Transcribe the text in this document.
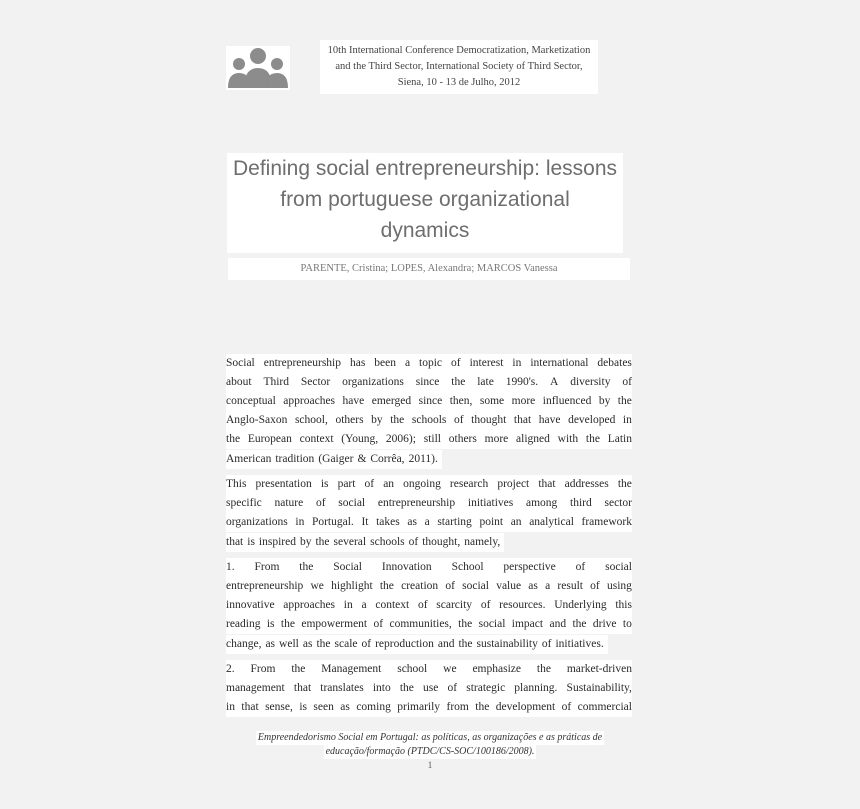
10th International Conference Democratization, Marketization
and the Third Sector, International Society of Third Sector,
Siena, 10 - 13 de Julho, 2012
Defining social entrepreneurship: lessons
from portuguese organizational
dynamics
PARENTE, Cristina; LOPES, Alexandra; MARCOS Vanessa
Social entrepreneurship has been a topic of interest in international debates
about Third Sector organizations since the late 1990's. A diversity of
conceptual approaches have emerged since then, some more influenced by the
Anglo-Saxon school, others by the schools of thought that have developed in
the European context (Young, 2006); still others more aligned with the Latin
American tradition (Gaiger & Corrêa, 2011).
This presentation is part of an ongoing research project that addresses the
specific nature of social entrepreneurship initiatives among third sector
organizations in Portugal. It takes as a starting point an analytical framework
that is inspired by the several schools of thought, namely,
1. From the Social Innovation School perspective of social
entrepreneurship we highlight the creation of social value as a result of using
innovative approaches in a context of scarcity of resources. Underlying this
reading is the empowerment of communities, the social impact and the drive to
change, as well as the scale of reproduction and the sustainability of initiatives.
2. From the Management school we emphasize the market-driven
management that translates into the use of strategic planning. Sustainability,
in that sense, is seen as coming primarily from the development of commercial
Empreendedorismo Social em Portugal: as políticas, as organizações e as práticas de
educação/formação (PTDC/CS-SOC/100186/2008).
1
